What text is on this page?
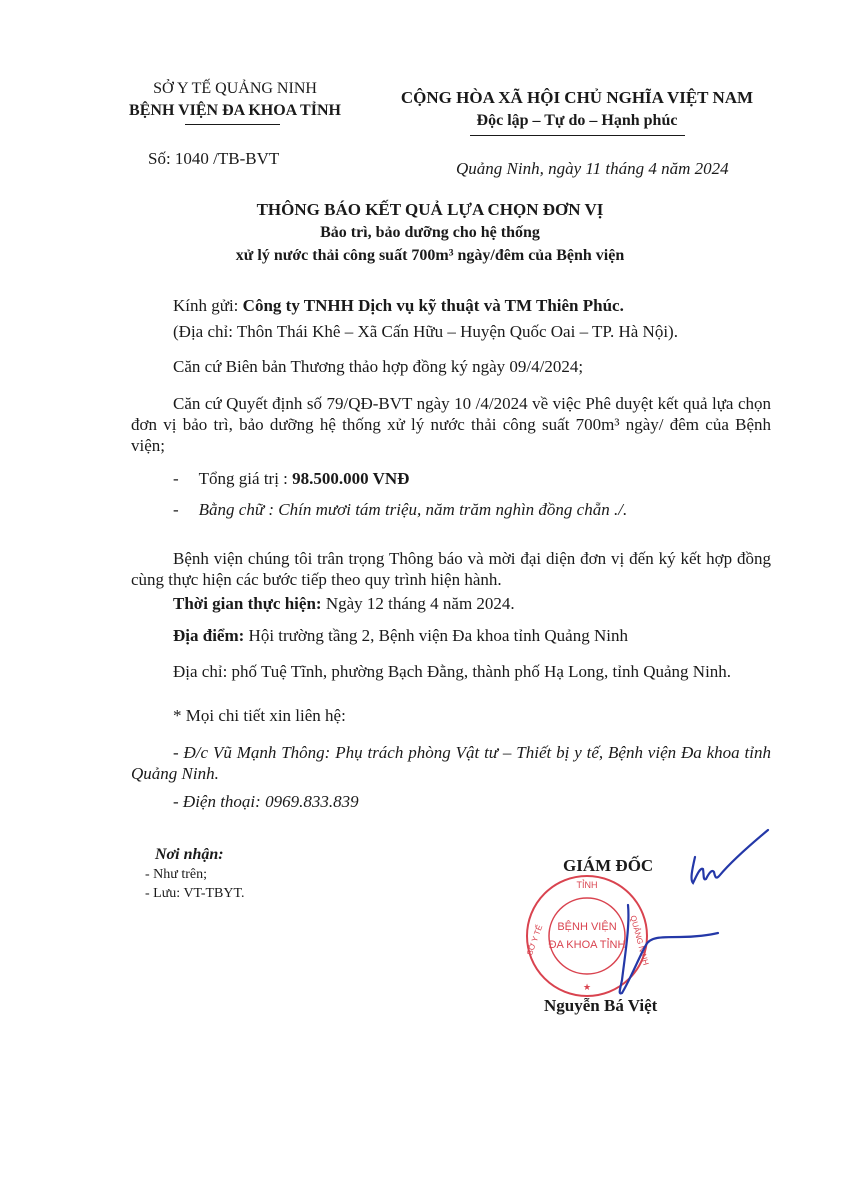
SỞ Y TẾ QUẢNG NINH
BỆNH VIỆN ĐA KHOA TỈNH
CỘNG HÒA XÃ HỘI CHỦ NGHĨA VIỆT NAM
Độc lập – Tự do – Hạnh phúc
Số: 1040 /TB-BVT
Quảng Ninh, ngày 11 tháng 4 năm 2024
THÔNG BÁO KẾT QUẢ LỰA CHỌN ĐƠN VỊ
Bảo trì, bảo dưỡng cho hệ thống
xử lý nước thải công suất 700m³ ngày/đêm của Bệnh viện
Kính gửi: Công ty TNHH Dịch vụ kỹ thuật và TM Thiên Phúc.
(Địa chỉ: Thôn Thái Khê – Xã Cấn Hữu – Huyện Quốc Oai – TP. Hà Nội).
Căn cứ Biên bản Thương thảo hợp đồng ký ngày 09/4/2024;
Căn cứ Quyết định số 79/QĐ-BVT ngày 10 /4/2024 về việc Phê duyệt kết quả lựa chọn đơn vị bảo trì, bảo dưỡng hệ thống xử lý nước thải công suất 700m³ ngày/ đêm của Bệnh viện;
- Tổng giá trị : 98.500.000 VNĐ
- Bằng chữ : Chín mươi tám triệu, năm trăm nghìn đồng chẵn ./.
Bệnh viện chúng tôi trân trọng Thông báo và mời đại diện đơn vị đến ký kết hợp đồng cùng thực hiện các bước tiếp theo quy trình hiện hành.
Thời gian thực hiện: Ngày 12 tháng 4 năm 2024.
Địa điểm: Hội trường tầng 2, Bệnh viện Đa khoa tỉnh Quảng Ninh
Địa chỉ: phố Tuệ Tĩnh, phường Bạch Đằng, thành phố Hạ Long, tỉnh Quảng Ninh.
* Mọi chi tiết xin liên hệ:
- Đ/c Vũ Mạnh Thông: Phụ trách phòng Vật tư – Thiết bị y tế, Bệnh viện Đa khoa tỉnh Quảng Ninh.
- Điện thoại: 0969.833.839
Nơi nhận:
- Như trên;
- Lưu: VT-TBYT.
GIÁM ĐỐC
TỈNH
SỞ Y TẾ	QUẢNG NINH
BỆNH VIỆN
ĐA KHOA TỈNH
★
Nguyễn Bá Việt
